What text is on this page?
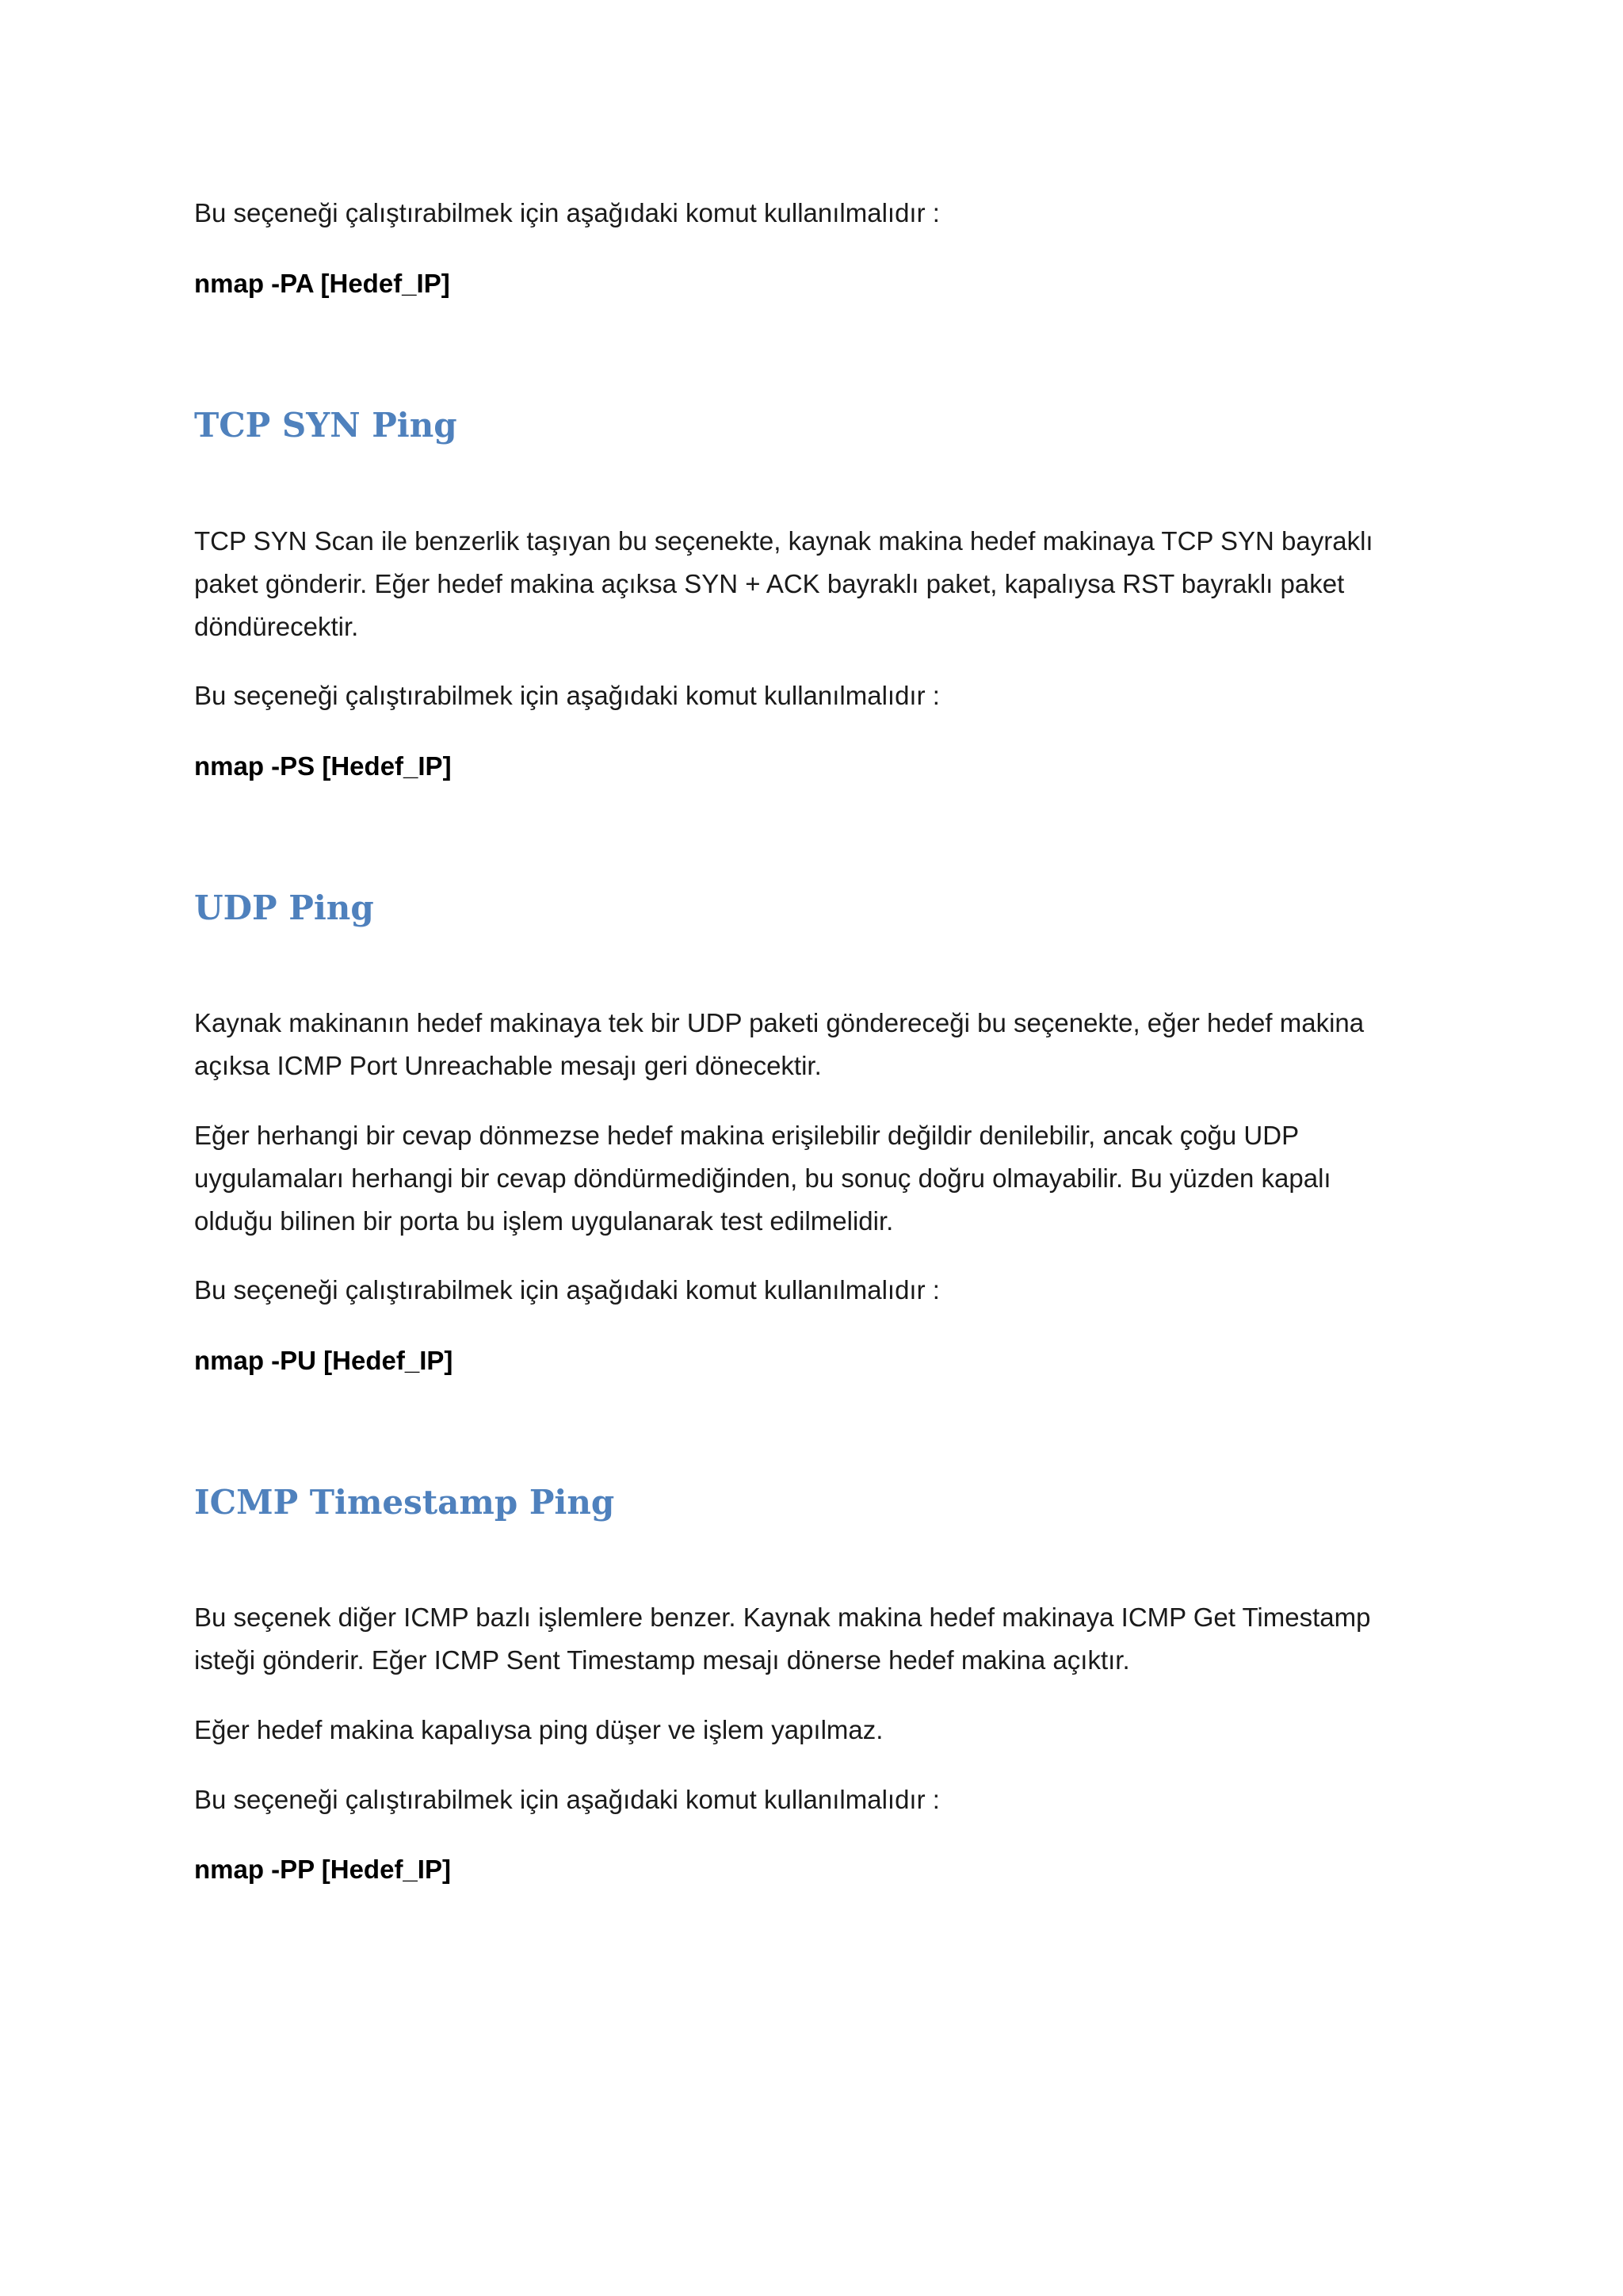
Bu seçeneği çalıştırabilmek için aşağıdaki komut kullanılmalıdır :

nmap -PA [Hedef_IP]

TCP SYN Ping

TCP SYN Scan ile benzerlik taşıyan bu seçenekte, kaynak makina hedef makinaya TCP SYN bayraklı
paket gönderir. Eğer hedef makina açıksa SYN + ACK bayraklı paket, kapalıysa RST bayraklı paket
döndürecektir.

Bu seçeneği çalıştırabilmek için aşağıdaki komut kullanılmalıdır :

nmap -PS [Hedef_IP]

UDP Ping

Kaynak makinanın hedef makinaya tek bir UDP paketi göndereceği bu seçenekte, eğer hedef makina
açıksa ICMP Port Unreachable mesajı geri dönecektir.

Eğer herhangi bir cevap dönmezse hedef makina erişilebilir değildir denilebilir, ancak çoğu UDP
uygulamaları herhangi bir cevap döndürmediğinden, bu sonuç doğru olmayabilir. Bu yüzden kapalı
olduğu bilinen bir porta bu işlem uygulanarak test edilmelidir.

Bu seçeneği çalıştırabilmek için aşağıdaki komut kullanılmalıdır :

nmap -PU [Hedef_IP]

ICMP Timestamp Ping

Bu seçenek diğer ICMP bazlı işlemlere benzer. Kaynak makina hedef makinaya ICMP Get Timestamp
isteği gönderir. Eğer ICMP Sent Timestamp mesajı dönerse hedef makina açıktır.

Eğer hedef makina kapalıysa ping düşer ve işlem yapılmaz.

Bu seçeneği çalıştırabilmek için aşağıdaki komut kullanılmalıdır :

nmap -PP [Hedef_IP]
